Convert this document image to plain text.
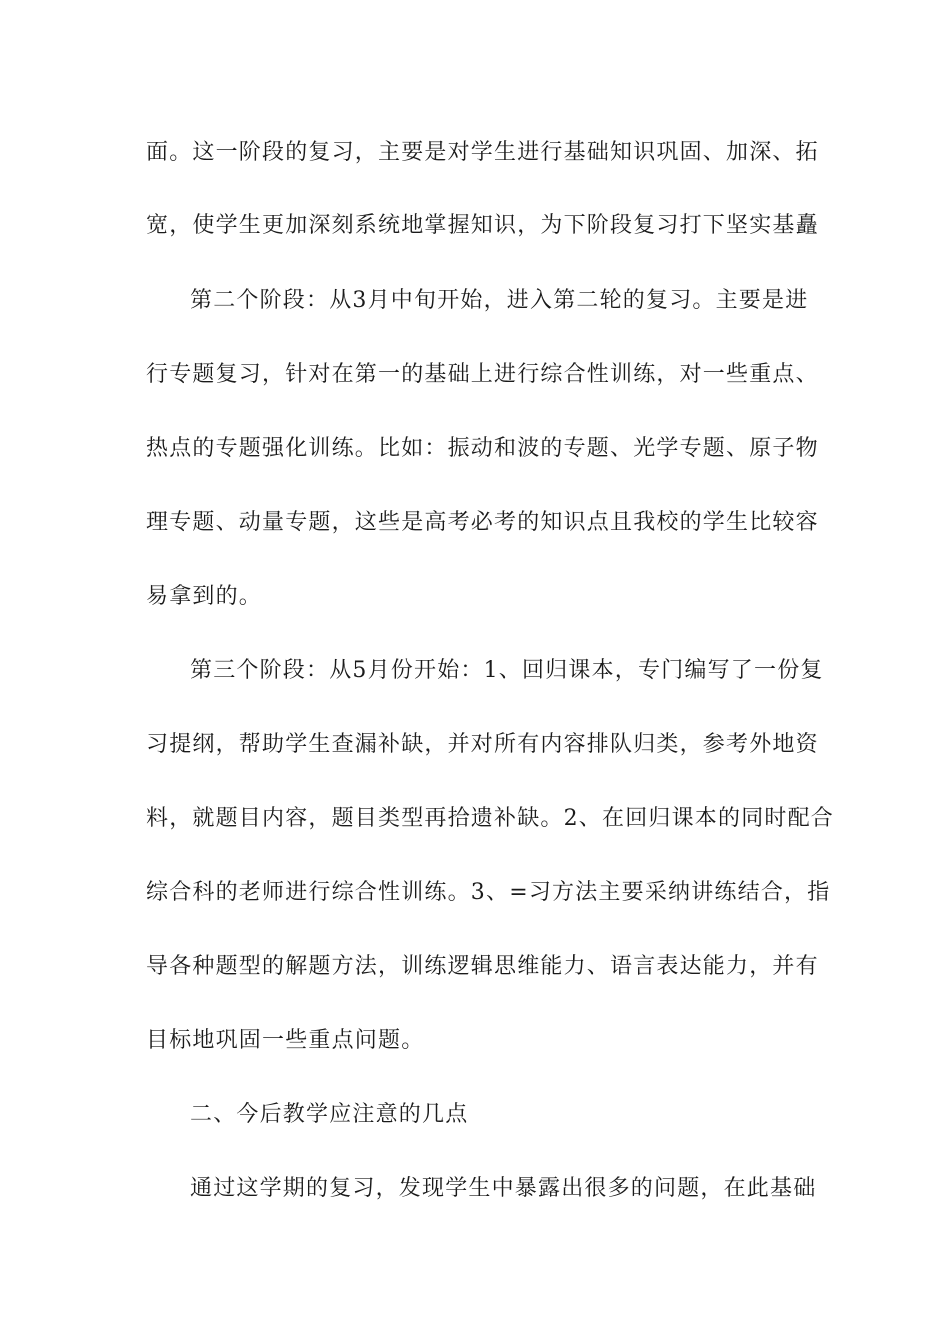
面。这一阶段的复习，主要是对学生进行基础知识巩固、加深、拓
宽，使学生更加深刻系统地掌握知识，为下阶段复习打下坚实基矗
第二个阶段：从3月中旬开始，进入第二轮的复习。主要是进
行专题复习，针对在第一的基础上进行综合性训练，对一些重点、
热点的专题强化训练。比如：振动和波的专题、光学专题、原子物
理专题、动量专题，这些是高考必考的知识点且我校的学生比较容
易拿到的。
第三个阶段：从5月份开始：1、回归课本，专门编写了一份复
习提纲，帮助学生查漏补缺，并对所有内容排队归类，参考外地资
料，就题目内容，题目类型再拾遗补缺。2、在回归课本的同时配合
综合科的老师进行综合性训练。3、=习方法主要采纳讲练结合，指
导各种题型的解题方法，训练逻辑思维能力、语言表达能力，并有
目标地巩固一些重点问题。
二、今后教学应注意的几点
通过这学期的复习，发现学生中暴露出很多的问题，在此基础
